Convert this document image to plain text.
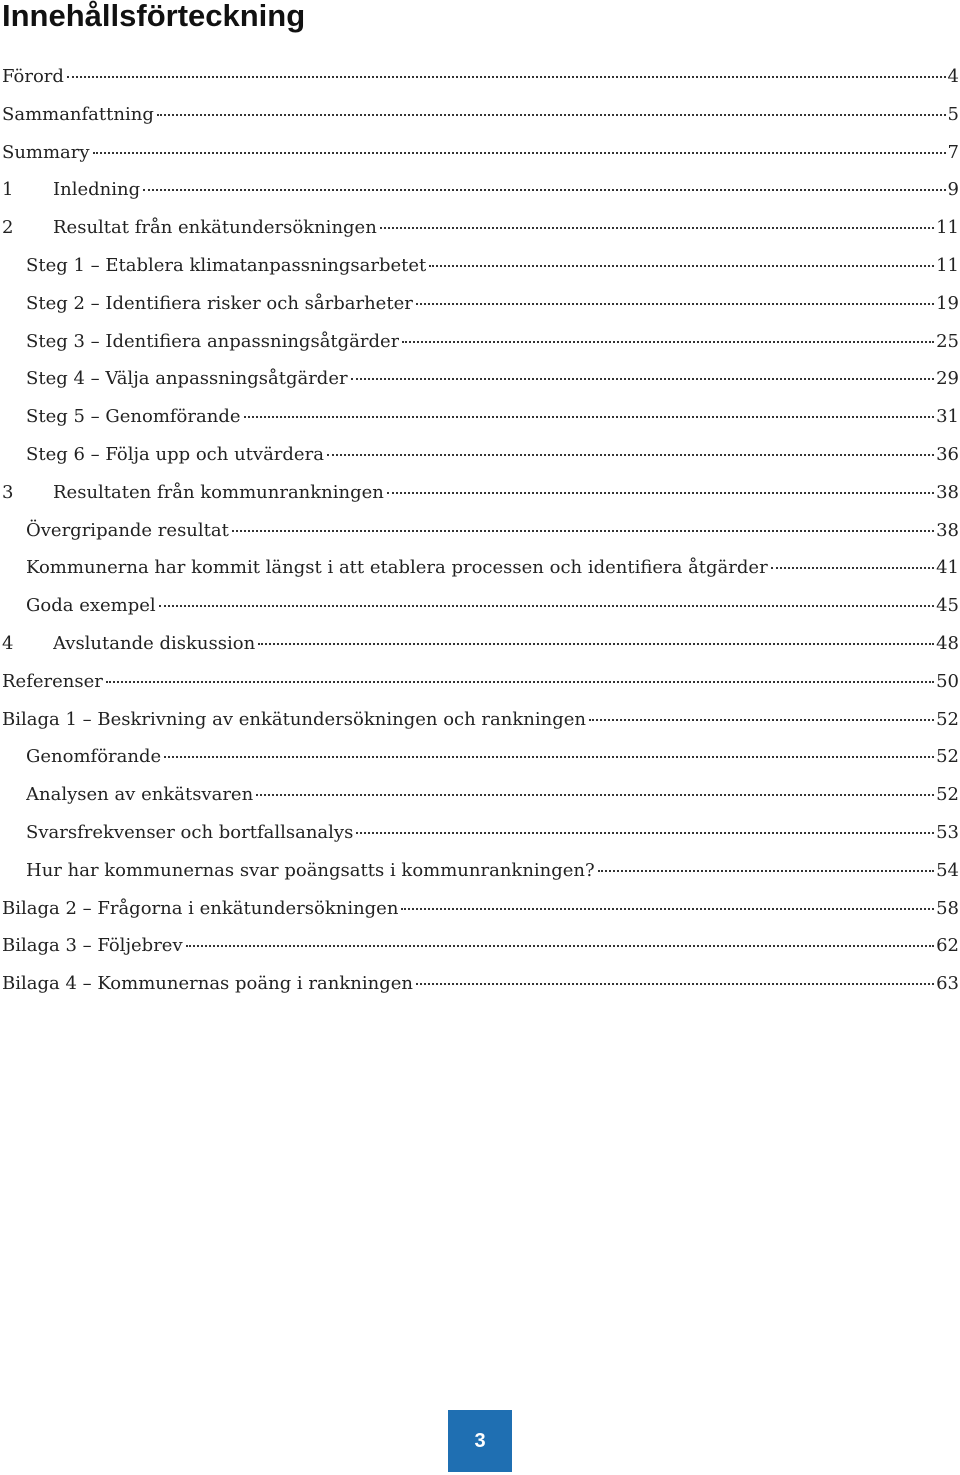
Innehållsförteckning
Förord	4
Sammanfattning	5
Summary	7
1	Inledning	9
2	Resultat från enkätundersökningen	11
Steg 1 – Etablera klimatanpassningsarbetet	11
Steg 2 – Identifiera risker och sårbarheter	19
Steg 3 – Identifiera anpassningsåtgärder	25
Steg 4 – Välja anpassningsåtgärder	29
Steg 5 – Genomförande	31
Steg 6 – Följa upp och utvärdera	36
3	Resultaten från kommunrankningen	38
Övergripande resultat	38
Kommunerna har kommit längst i att etablera processen och identifiera åtgärder	41
Goda exempel	45
4	Avslutande diskussion	48
Referenser	50
Bilaga 1 – Beskrivning av enkätundersökningen och rankningen	52
Genomförande	52
Analysen av enkätsvaren	52
Svarsfrekvenser och bortfallsanalys	53
Hur har kommunernas svar poängsatts i kommunrankningen?	54
Bilaga 2 – Frågorna i enkätundersökningen	58
Bilaga 3 – Följebrev	62
Bilaga 4 – Kommunernas poäng i rankningen	63
3
